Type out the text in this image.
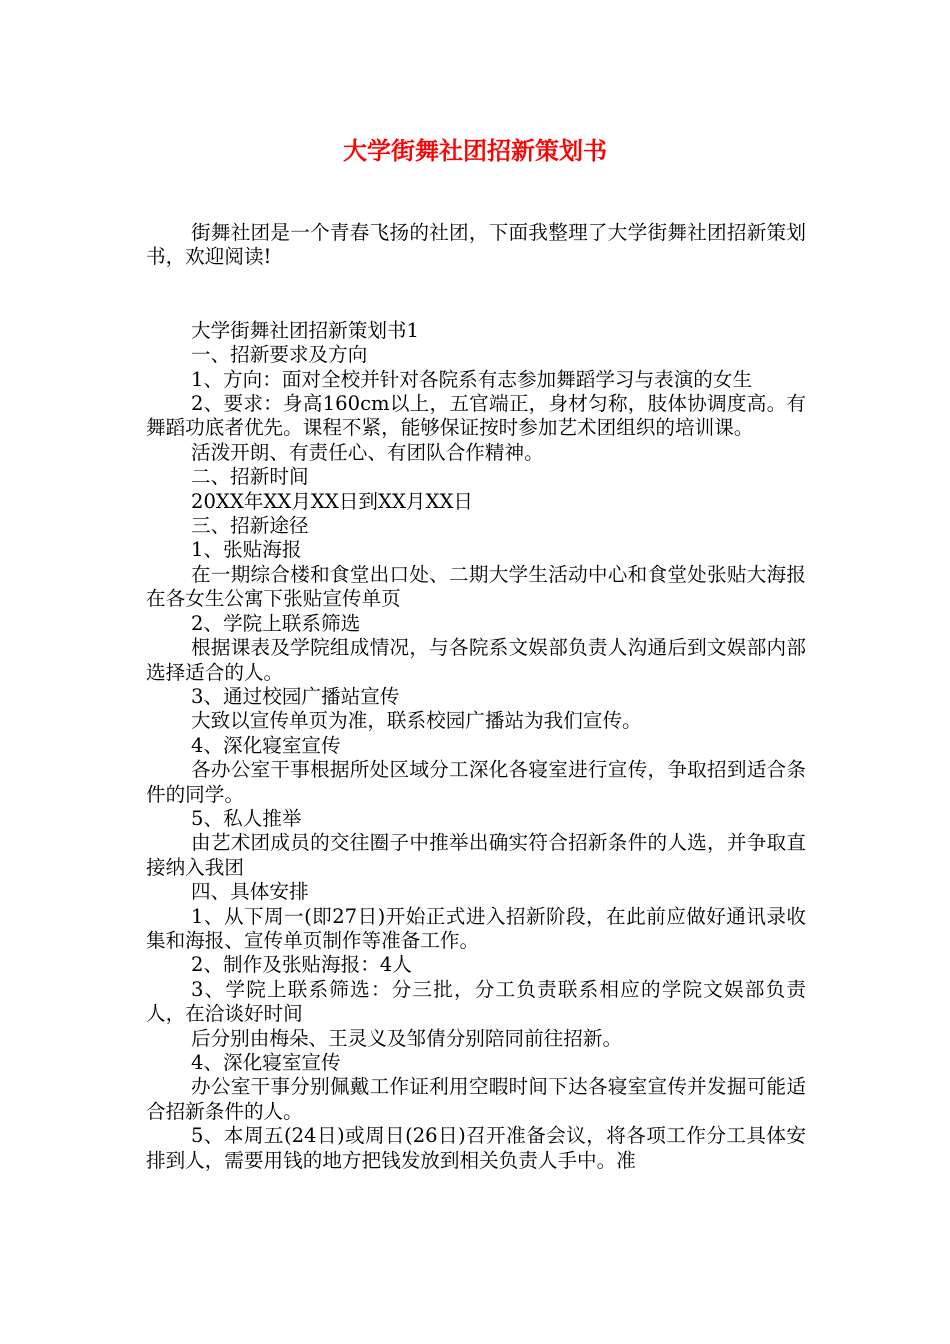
大学街舞社团招新策划书

街舞社团是一个青春飞扬的社团，下面我整理了大学街舞社团招新策划书，欢迎阅读!

大学街舞社团招新策划书1

一、招新要求及方向

1、方向：面对全校并针对各院系有志参加舞蹈学习与表演的女生

2、要求：身高160cm以上，五官端正，身材匀称，肢体协调度高。有舞蹈功底者优先。课程不紧，能够保证按时参加艺术团组织的培训课。

活泼开朗、有责任心、有团队合作精神。

二、招新时间

20XX年XX月XX日到XX月XX日

三、招新途径

1、张贴海报

在一期综合楼和食堂出口处、二期大学生活动中心和食堂处张贴大海报在各女生公寓下张贴宣传单页

2、学院上联系筛选

根据课表及学院组成情况，与各院系文娱部负责人沟通后到文娱部内部选择适合的人。

3、通过校园广播站宣传

大致以宣传单页为准，联系校园广播站为我们宣传。

4、深化寝室宣传

各办公室干事根据所处区域分工深化各寝室进行宣传，争取招到适合条件的同学。

5、私人推举

由艺术团成员的交往圈子中推举出确实符合招新条件的人选，并争取直接纳入我团

四、具体安排

1、从下周一(即27日)开始正式进入招新阶段，在此前应做好通讯录收集和海报、宣传单页制作等准备工作。

2、制作及张贴海报：4人

3、学院上联系筛选：分三批，分工负责联系相应的学院文娱部负责人，在洽谈好时间

后分别由梅朵、王灵义及邹倩分别陪同前往招新。

4、深化寝室宣传

办公室干事分别佩戴工作证利用空暇时间下达各寝室宣传并发掘可能适合招新条件的人。

5、本周五(24日)或周日(26日)召开准备会议，将各项工作分工具体安排到人，需要用钱的地方把钱发放到相关负责人手中。准
